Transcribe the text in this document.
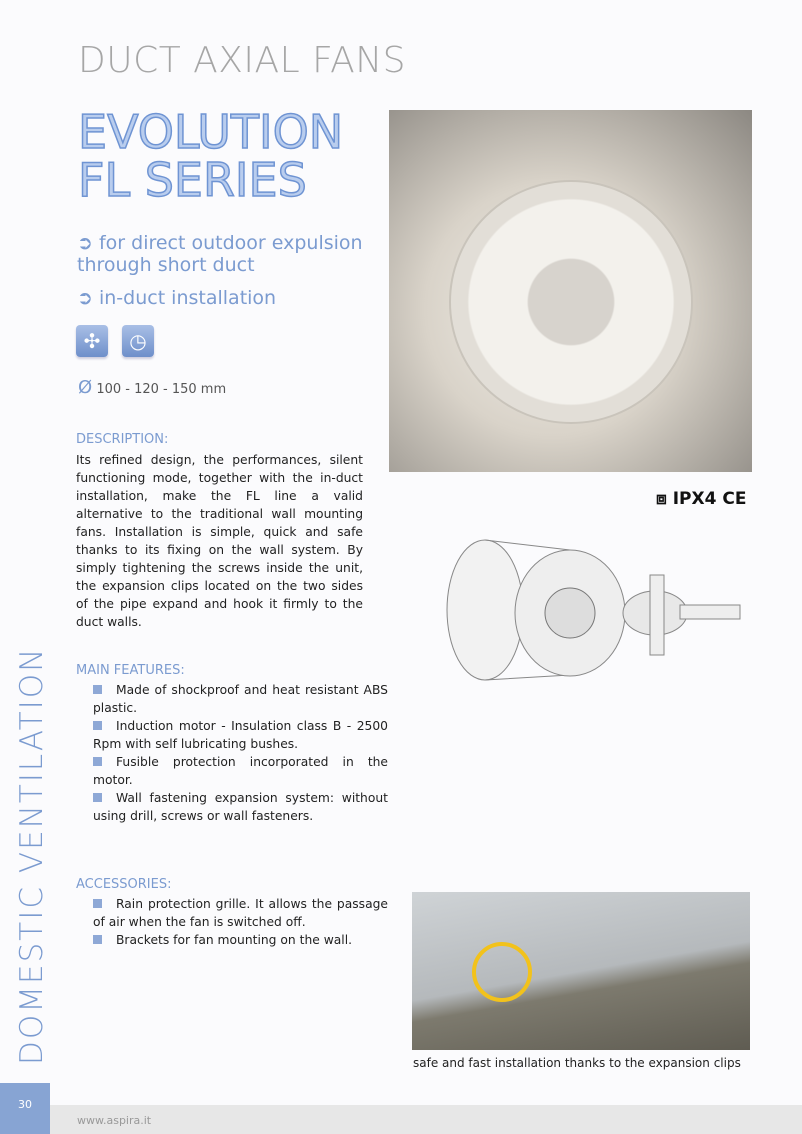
DUCT AXIAL FANS
EVOLUTION
FL SERIES
➲ for direct outdoor expulsion through short duct
➲ in-duct installation
✣	◷
Ø 100 - 120 - 150 mm
DESCRIPTION:
Its refined design, the performances, silent functioning mode, together with the in-duct installation, make the FL line a valid alternative to the traditional wall mounting fans. Installation is simple, quick and safe thanks to its fixing on the wall system. By simply tightening the screws inside the unit, the expansion clips located on the two sides of the pipe expand and hook it firmly to the duct walls.
MAIN FEATURES:
Made of shockproof and heat resistant ABS plastic.
Induction motor - Insulation class B - 2500 Rpm with self lubricating bushes.
Fusible protection incorporated in the motor.
Wall fastening expansion system: without using drill, screws or wall fasteners.
ACCESSORIES:
Rain protection grille. It allows the passage of air when the fan is switched off.
Brackets for fan mounting on the wall.
⧈ IPX4 CE
safe and fast installation thanks to the expansion clips
DOMESTIC VENTILATION
www.aspira.it
30
